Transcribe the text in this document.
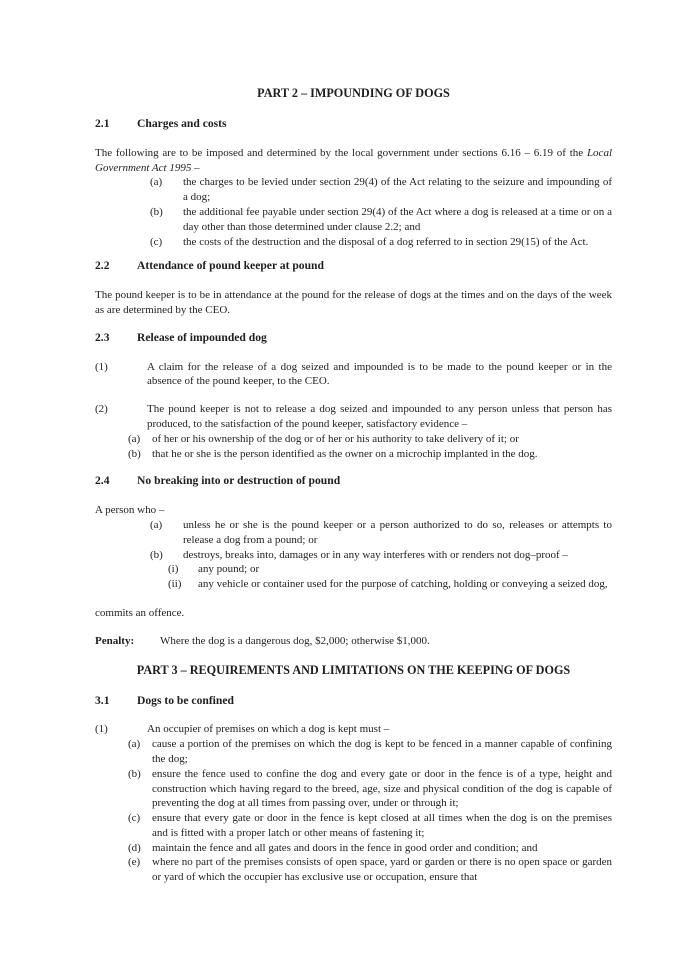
PART 2 – IMPOUNDING OF DOGS
2.1	Charges and costs

The following are to be imposed and determined by the local government under sections 6.16 – 6.19 of the Local Government Act 1995 –

(a)	the charges to be levied under section 29(4) of the Act relating to the seizure and impounding of a dog;
(b)	the additional fee payable under section 29(4) of the Act where a dog is released at a time or on a day other than those determined under clause 2.2; and
(c)	the costs of the destruction and the disposal of a dog referred to in section 29(15) of the Act.
2.2	Attendance of pound keeper at pound

The pound keeper is to be in attendance at the pound for the release of dogs at the times and on the days of the week as are determined by the CEO.

2.3	Release of impounded dog
(1)	A claim for the release of a dog seized and impounded is to be made to the pound keeper or in the absence of the pound keeper, to the CEO.
(2)	The pound keeper is not to release a dog seized and impounded to any person unless that person has produced, to the satisfaction of the pound keeper, satisfactory evidence –
(a)	of her or his ownership of the dog or of her or his authority to take delivery of it; or
(b)	that he or she is the person identified as the owner on a microchip implanted in the dog.
2.4	No breaking into or destruction of pound

A person who –

(a)	unless he or she is the pound keeper or a person authorized to do so, releases or attempts to release a dog from a pound; or
(b)	destroys, breaks into, damages or in any way interferes with or renders not dog–proof –
(i)	any pound; or
(ii)	any vehicle or container used for the purpose of catching, holding or conveying a seized dog,

commits an offence.

Penalty:	Where the dog is a dangerous dog, $2,000; otherwise $1,000.
PART 3 – REQUIREMENTS AND LIMITATIONS ON THE KEEPING OF DOGS
3.1	Dogs to be confined
(1)	An occupier of premises on which a dog is kept must –
(a)	cause a portion of the premises on which the dog is kept to be fenced in a manner capable of confining the dog;
(b)	ensure the fence used to confine the dog and every gate or door in the fence is of a type, height and construction which having regard to the breed, age, size and physical condition of the dog is capable of preventing the dog at all times from passing over, under or through it;
(c)	ensure that every gate or door in the fence is kept closed at all times when the dog is on the premises and is fitted with a proper latch or other means of fastening it;
(d)	maintain the fence and all gates and doors in the fence in good order and condition; and
(e)	where no part of the premises consists of open space, yard or garden or there is no open space or garden or yard of which the occupier has exclusive use or occupation, ensure that
